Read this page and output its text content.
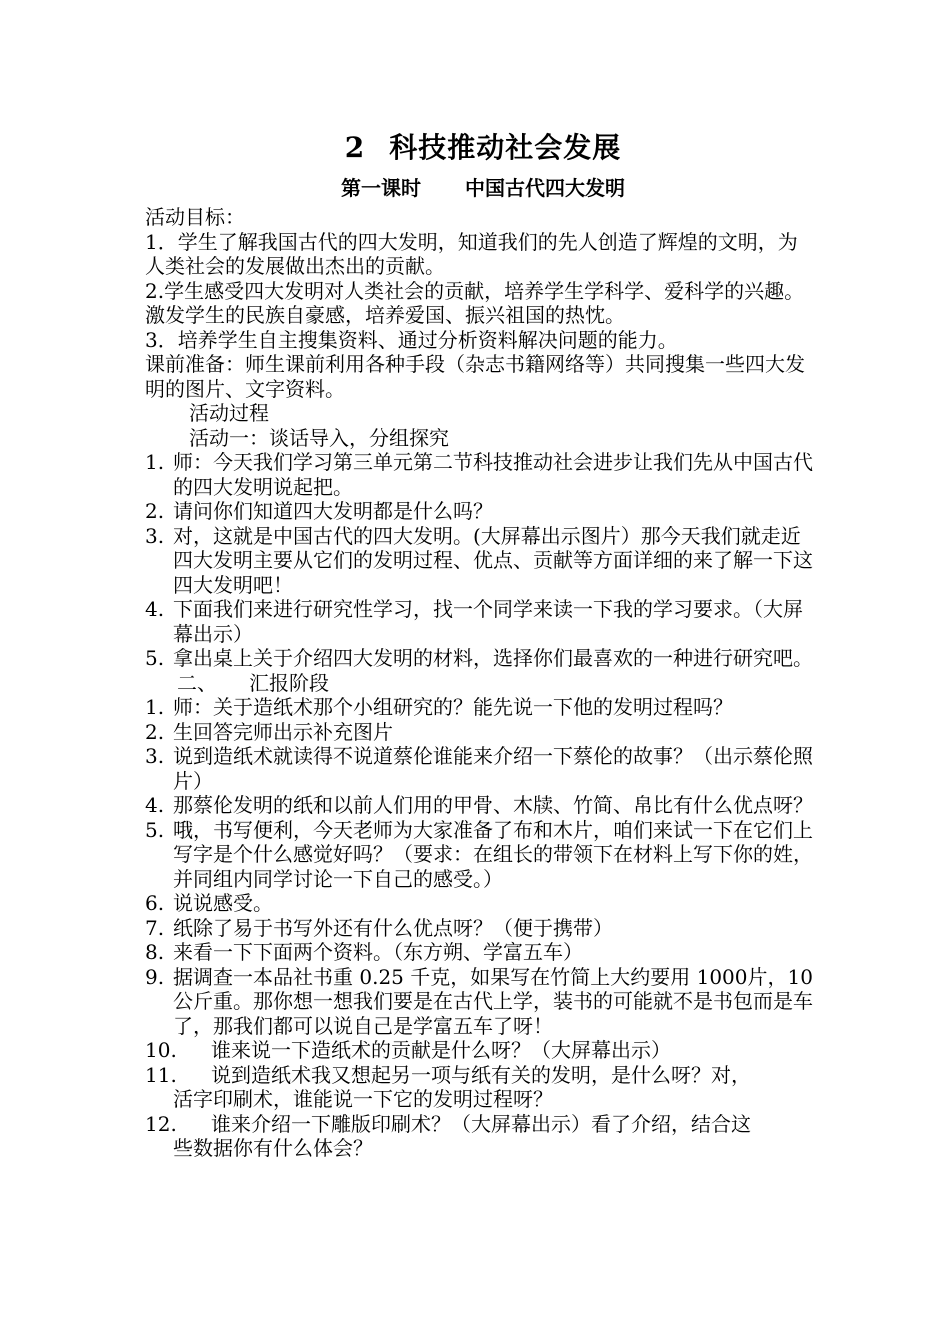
2 科技推动社会发展
第一课时 中国古代四大发明
活动目标：
1．学生了解我国古代的四大发明，知道我们的先人创造了辉煌的文明，为人类社会的发展做出杰出的贡献。
2.学生感受四大发明对人类社会的贡献，培养学生学科学、爱科学的兴趣。激发学生的民族自豪感，培养爱国、振兴祖国的热忱。
3．培养学生自主搜集资料、通过分析资料解决问题的能力。
课前准备：师生课前利用各种手段（杂志书籍网络等）共同搜集一些四大发明的图片、文字资料。
活动过程
活动一：谈话导入，分组探究
1. 师：今天我们学习第三单元第二节科技推动社会进步让我们先从中国古代的四大发明说起把。
2. 请问你们知道四大发明都是什么吗？
3. 对，这就是中国古代的四大发明。(大屏幕出示图片）那今天我们就走近四大发明主要从它们的发明过程、优点、贡献等方面详细的来了解一下这四大发明吧！
4. 下面我们来进行研究性学习，找一个同学来读一下我的学习要求。（大屏幕出示）
5. 拿出桌上关于介绍四大发明的材料，选择你们最喜欢的一种进行研究吧。
二、 汇报阶段
1. 师：关于造纸术那个小组研究的？能先说一下他的发明过程吗？
2. 生回答完师出示补充图片
3. 说到造纸术就读得不说道蔡伦谁能来介绍一下蔡伦的故事？（出示蔡伦照片）
4. 那蔡伦发明的纸和以前人们用的甲骨、木牍、竹简、帛比有什么优点呀？
5. 哦，书写便利，今天老师为大家准备了布和木片，咱们来试一下在它们上写字是个什么感觉好吗？（要求：在组长的带领下在材料上写下你的姓，并同组内同学讨论一下自己的感受。）
6. 说说感受。
7. 纸除了易于书写外还有什么优点呀？（便于携带）
8. 来看一下下面两个资料。（东方朔、学富五车）
9. 据调查一本品社书重 0.25 千克，如果写在竹简上大约要用 1000片，10 公斤重。那你想一想我们要是在古代上学，装书的可能就不是书包而是车了，那我们都可以说自己是学富五车了呀！
10.	谁来说一下造纸术的贡献是什么呀？（大屏幕出示）
11.	说到造纸术我又想起另一项与纸有关的发明，是什么呀？对，
活字印刷术，谁能说一下它的发明过程呀？
12.	谁来介绍一下雕版印刷术？（大屏幕出示）看了介绍，结合这
些数据你有什么体会？
